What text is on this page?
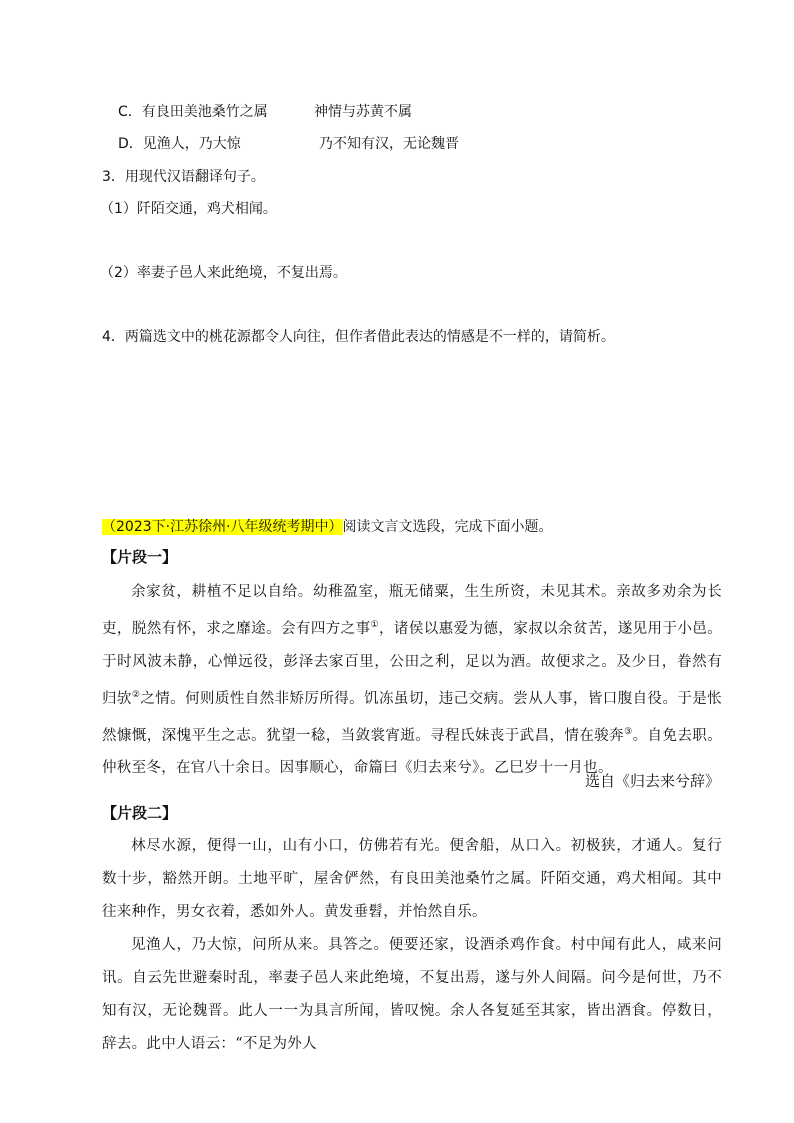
C．有良田美池桑竹之属	神情与苏黄不属
D．见渔人，乃大惊	乃不知有汉，无论魏晋
3．用现代汉语翻译句子。
（1）阡陌交通，鸡犬相闻。
（2）率妻子邑人来此绝境，不复出焉。
4．两篇选文中的桃花源都令人向往，但作者借此表达的情感是不一样的，请简析。
（2023下·江苏徐州·八年级统考期中）阅读文言文选段，完成下面小题。
【片段一】
余家贫，耕植不足以自给。幼稚盈室，瓶无储粟，生生所资，未见其术。亲故多劝余为长吏，脱然有怀，求之靡途。会有四方之事①，诸侯以惠爱为德，家叔以余贫苦，遂见用于小邑。于时风波未静，心惮远役，彭泽去家百里，公田之利，足以为酒。故便求之。及少日，眷然有归欤②之情。何则质性自然非矫厉所得。饥冻虽切，违己交病。尝从人事，皆口腹自役。于是怅然慷慨，深愧平生之志。犹望一稔，当敛裳宵逝。寻程氏妹丧于武昌，情在骏奔③。自免去职。仲秋至冬，在官八十余日。因事顺心，命篇曰《归去来兮》。乙巳岁十一月也。
选自《归去来兮辞》
【片段二】
林尽水源，便得一山，山有小口，仿佛若有光。便舍船，从口入。初极狭，才通人。复行数十步，豁然开朗。土地平旷，屋舍俨然，有良田美池桑竹之属。阡陌交通，鸡犬相闻。其中往来种作，男女衣着，悉如外人。黄发垂髫，并怡然自乐。
见渔人，乃大惊，问所从来。具答之。便要还家，设酒杀鸡作食。村中闻有此人，咸来问讯。自云先世避秦时乱，率妻子邑人来此绝境，不复出焉，遂与外人间隔。问今是何世，乃不知有汉，无论魏晋。此人一一为具言所闻，皆叹惋。余人各复延至其家，皆出酒食。停数日，辞去。此中人语云：“不足为外人
